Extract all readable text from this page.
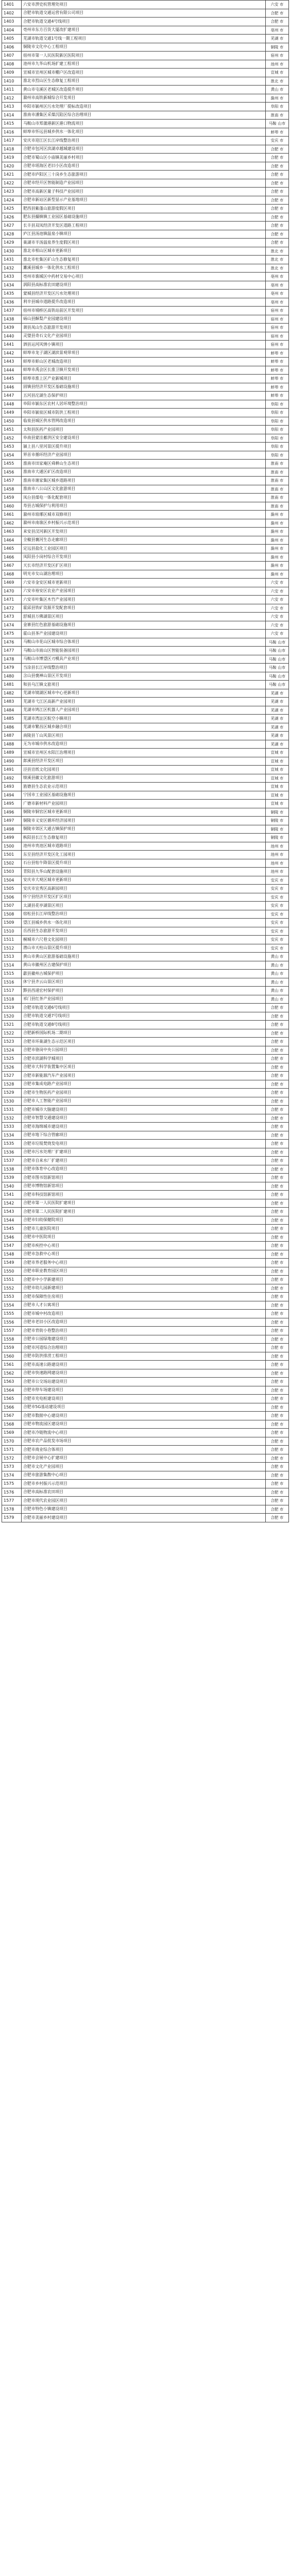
1401	六安市淠史杭管理处项目	六安 市
1402	合肥市轨道交通运营有限公司项目	合肥 市
1403	合肥市轨道交通4号线项目	合肥 市
1404	亳州市东方百货大厦改扩建项目	亳州 市
1405	芜湖市轨道交通1号线一期工程项目	芜湖 市
1406	铜陵市文化中心工程项目	铜陵 市
1407	宿州市第一人民医院新区医院项目	宿州 市
1408	池州市九华山机场扩建工程项目	池州 市
1409	宣城市宣州区城市棚户区改造项目	宣城 市
1410	淮北市烈山区生态修复工程项目	淮北 市
1411	黄山市屯溪区老城区改造提升项目	黄山 市
1412	滁州市高铁新城综合开发项目	滁州 市
1413	阜阳市颍州区污水处理厂提标改造项目	阜阳 市
1414	淮南市潘集区采煤沉陷区综合治理项目	淮南 市
1415	马鞍山市郑蒲港新区港口物流项目	马鞍 山市
1416	蚌埠市怀远县城乡供水一体化项目	蚌埠 市
1417	安庆市迎江区长江岸线整治项目	安庆 市
1418	合肥市包河区滨湖卓越城建设项目	合肥 市
1419	合肥市蜀山区小庙镇美丽乡村项目	合肥 市
1420	合肥市瑶海区老旧小区改造项目	合肥 市
1421	合肥市庐阳区三十岗乡生态旅游项目	合肥 市
1422	合肥市经开区智能制造产业园项目	合肥 市
1423	合肥市高新区量子科技产业园项目	合肥 市
1424	合肥市新站区新型显示产业基地项目	合肥 市
1425	肥西县紫蓬山旅游度假区项目	合肥 市
1426	肥东县撮镇镇工业园区基础设施项目	合肥 市
1427	长丰县双凤经济开发区道路工程项目	合肥 市
1428	庐江县汤池镇温泉小镇项目	合肥 市
1429	巢湖市半汤温泉养生度假区项目	合肥 市
1430	淮北市相山区城市更新项目	淮北 市
1431	淮北市杜集区矿山生态修复项目	淮北 市
1432	濉溪县城乡一体化供水工程项目	淮北 市
1433	亳州市谯城区中药材交易中心项目	亳州 市
1434	涡阳县高标准农田建设项目	亳州 市
1435	蒙城县经济开发区污水处理项目	亳州 市
1436	利辛县城市道路提升改造项目	亳州 市
1437	宿州市埇桥区高铁站前区开发项目	宿州 市
1438	砀山县酥梨产业园建设项目	宿州 市
1439	萧县凤山生态旅游开发项目	宿州 市
1440	灵璧县奇石文化产业园项目	宿州 市
1441	泗县运河风情小镇项目	宿州 市
1442	蚌埠市龙子湖区湖滨景观带项目	蚌埠 市
1443	蚌埠市蚌山区老城改造项目	蚌埠 市
1444	蚌埠市禹会区长淮卫镇开发项目	蚌埠 市
1445	蚌埠市淮上区产业新城项目	蚌埠 市
1446	固镇县经济开发区基础设施项目	蚌埠 市
1447	五河县沱湖生态保护项目	蚌埠 市
1448	阜阳市颍东区农村人居环境整治项目	阜阳 市
1449	阜阳市颍泉区城市防洪工程项目	阜阳 市
1450	临泉县城区供水管网改造项目	阜阳 市
1451	太和县医药产业园项目	阜阳 市
1452	阜南县蒙洼蓄洪区安全建设项目	阜阳 市
1453	颍上县八里河景区提升项目	阜阳 市
1454	界首市循环经济产业园项目	阜阳 市
1455	淮南市田家庵区舜耕山生态项目	淮南 市
1456	淮南市大通区矿区改造项目	淮南 市
1457	淮南市谢家集区城乡道路项目	淮南 市
1458	淮南市八公山区文化旅游项目	淮南 市
1459	凤台县煤电一体化配套项目	淮南 市
1460	寿县古城保护与利用项目	淮南 市
1461	滁州市琅琊区城市双修项目	滁州 市
1462	滁州市南谯区乡村振兴示范项目	滁州 市
1463	来安县汊河新区开发项目	滁州 市
1464	全椒县襄河生态走廊项目	滁州 市
1465	定远县盐化工业园区项目	滁州 市
1466	凤阳县小岗村综合开发项目	滁州 市
1467	天长市经济开发区扩区项目	滁州 市
1468	明光市女山湖治理项目	滁州 市
1469	六安市金安区城市更新项目	六安 市
1470	六安市裕安区农业产业园项目	六安 市
1471	六安市叶集区木竹产业园项目	六安 市
1472	霍邱县铁矿资源开发配套项目	六安 市
1473	舒城县万佛湖景区项目	六安 市
1474	金寨县红色旅游基础设施项目	六安 市
1475	霍山县茶产业园建设项目	六安 市
1476	马鞍山市花山区城市综合体项目	马鞍 山市
1477	马鞍山市雨山区智能装备园项目	马鞍 山市
1478	马鞍山市博望区刃模具产业项目	马鞍 山市
1479	当涂县长江岸线整治项目	马鞍 山市
1480	含山县褒禅山景区开发项目	马鞍 山市
1481	和县乌江镇文旅项目	马鞍 山市
1482	芜湖市镜湖区城市中心更新项目	芜湖 市
1483	芜湖市弋江区高新产业园项目	芜湖 市
1484	芜湖市鸠江区机器人产业园项目	芜湖 市
1485	芜湖市湾沚区航空小镇项目	芜湖 市
1486	芜湖市繁昌区城乡融合项目	芜湖 市
1487	南陵县丫山风景区项目	芜湖 市
1488	无为市城市供水改造项目	芜湖 市
1489	宣城市宣州区水阳江治理项目	宣城 市
1490	郎溪县经济开发区项目	宣城 市
1491	泾县宣纸文化园项目	宣城 市
1492	绩溪县徽文化旅游项目	宣城 市
1493	旌德县生态农业示范项目	宣城 市
1494	宁国市工业园区基础设施项目	宣城 市
1495	广德市新材料产业园项目	宣城 市
1496	铜陵市铜官区城市更新项目	铜陵 市
1497	铜陵市义安区循环经济园项目	铜陵 市
1498	铜陵市郊区大通古镇保护项目	铜陵 市
1499	枞阳县长江生态修复项目	铜陵 市
1500	池州市贵池区城市道路项目	池州 市
1501	东至县经济开发区化工园项目	池州 市
1502	石台县牯牛降景区提升项目	池州 市
1503	青阳县九华山配套设施项目	池州 市
1504	安庆市大观区城市更新项目	安庆 市
1505	安庆市宜秀区高新园项目	安庆 市
1506	怀宁县经济开发区扩区项目	安庆 市
1507	太湖县花亭湖景区项目	安庆 市
1508	宿松县长江岸线整治项目	安庆 市
1509	望江县城乡供水一体化项目	安庆 市
1510	岳西县生态旅游开发项目	安庆 市
1511	桐城市六尺巷文化园项目	安庆 市
1512	潜山市天柱山景区提升项目	安庆 市
1513	黄山市黄山区旅游基础设施项目	黄山 市
1514	黄山市徽州区古建保护项目	黄山 市
1515	歙县徽州古城保护项目	黄山 市
1516	休宁县齐云山景区项目	黄山 市
1517	黟县西递宏村保护项目	黄山 市
1518	祁门县红茶产业园项目	黄山 市
1519	合肥市轨道交通6号线项目	合肥 市
1520	合肥市轨道交通7号线项目	合肥 市
1521	合肥市轨道交通8号线项目	合肥 市
1522	合肥新桥国际机场二期项目	合肥 市
1523	合肥市环巢湖生态示范区项目	合肥 市
1524	合肥市骆岗中央公园项目	合肥 市
1525	合肥市滨湖科学城项目	合肥 市
1526	合肥市大科学装置集中区项目	合肥 市
1527	合肥市新能源汽车产业园项目	合肥 市
1528	合肥市集成电路产业园项目	合肥 市
1529	合肥市生物医药产业园项目	合肥 市
1530	合肥市人工智能产业园项目	合肥 市
1531	合肥市城市大脑建设项目	合肥 市
1532	合肥市智慧交通建设项目	合肥 市
1533	合肥市海绵城市建设项目	合肥 市
1534	合肥市地下综合管廊项目	合肥 市
1535	合肥市垃圾焚烧发电项目	合肥 市
1536	合肥市污水处理厂扩建项目	合肥 市
1537	合肥市自来水厂扩建项目	合肥 市
1538	合肥市体育中心改造项目	合肥 市
1539	合肥市图书馆新馆项目	合肥 市
1540	合肥市博物馆新馆项目	合肥 市
1541	合肥市科技馆新馆项目	合肥 市
1542	合肥市第一人民医院扩建项目	合肥 市
1543	合肥市第二人民医院扩建项目	合肥 市
1544	合肥市妇幼保健院项目	合肥 市
1545	合肥市儿童医院项目	合肥 市
1546	合肥市中医院项目	合肥 市
1547	合肥市疾控中心项目	合肥 市
1548	合肥市急救中心项目	合肥 市
1549	合肥市养老服务中心项目	合肥 市
1550	合肥市职业教育园区项目	合肥 市
1551	合肥市中小学新建项目	合肥 市
1552	合肥市幼儿园新建项目	合肥 市
1553	合肥市保障性住房项目	合肥 市
1554	合肥市人才公寓项目	合肥 市
1555	合肥市城中村改造项目	合肥 市
1556	合肥市老旧小区改造项目	合肥 市
1557	合肥市背街小巷整治项目	合肥 市
1558	合肥市公园绿地建设项目	合肥 市
1559	合肥市河道综合治理项目	合肥 市
1560	合肥市防洪排涝工程项目	合肥 市
1561	合肥市高速公路建设项目	合肥 市
1562	合肥市快速路网建设项目	合肥 市
1563	合肥市公交场站建设项目	合肥 市
1564	合肥市停车场建设项目	合肥 市
1565	合肥市充电桩建设项目	合肥 市
1566	合肥市5G基站建设项目	合肥 市
1567	合肥市数据中心建设项目	合肥 市
1568	合肥市物流园区建设项目	合肥 市
1569	合肥市冷链物流中心项目	合肥 市
1570	合肥市农产品批发市场项目	合肥 市
1571	合肥市商业综合体项目	合肥 市
1572	合肥市会展中心扩建项目	合肥 市
1573	合肥市文化产业园项目	合肥 市
1574	合肥市旅游集散中心项目	合肥 市
1575	合肥市乡村振兴示范项目	合肥 市
1576	合肥市高标准农田项目	合肥 市
1577	合肥市现代农业园区项目	合肥 市
1578	合肥市特色小镇建设项目	合肥 市
1579	合肥市美丽乡村建设项目	合肥 市
